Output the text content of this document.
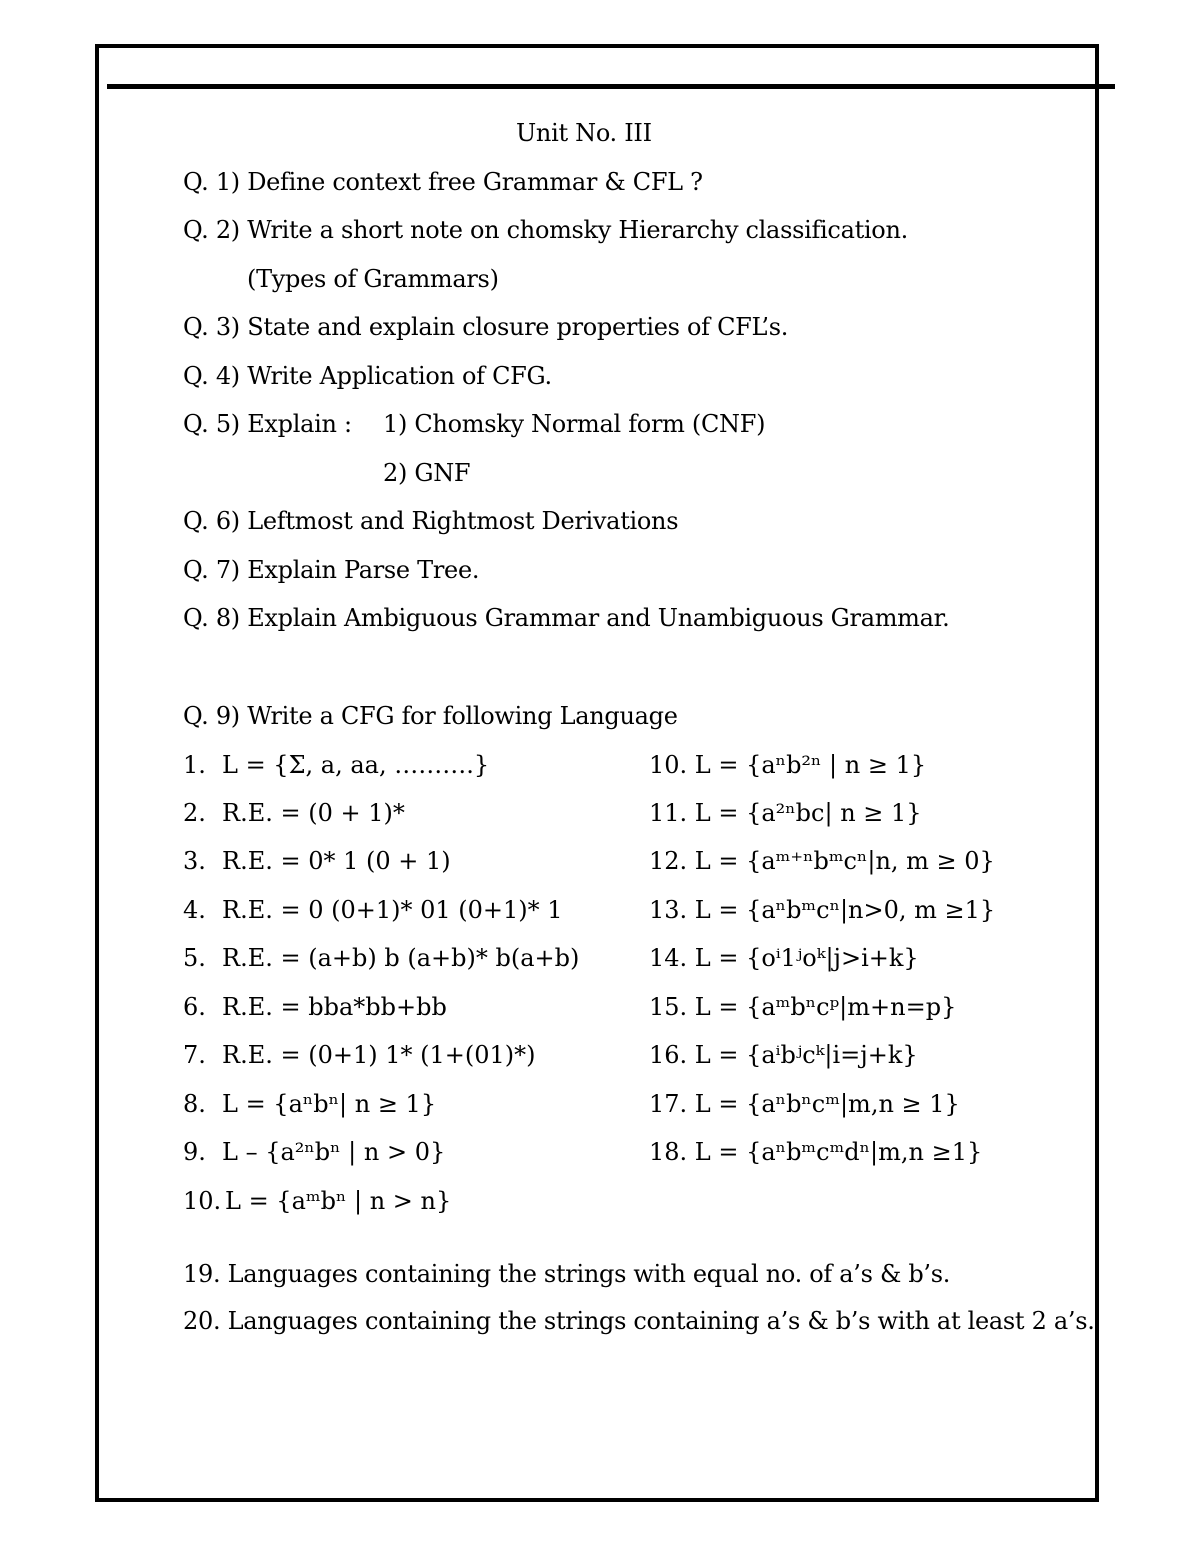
Unit No. III
Q. 1) Define context free Grammar & CFL ?
Q. 2) Write a short note on chomsky Hierarchy classification.
(Types of Grammars)
Q. 3) State and explain closure properties of CFL’s.
Q. 4) Write Application of CFG.
Q. 5) Explain : 1) Chomsky Normal form (CNF)
2) GNF
Q. 6) Leftmost and Rightmost Derivations
Q. 7) Explain Parse Tree.
Q. 8) Explain Ambiguous Grammar and Unambiguous Grammar.
Q. 9) Write a CFG for following Language
1. L = {Σ, a, aa, ……….}
2. R.E. = (0 + 1)*
3. R.E. = 0* 1 (0 + 1)
4. R.E. = 0 (0+1)* 01 (0+1)* 1
5. R.E. = (a+b) b (a+b)* b(a+b)
6. R.E. = bba*bb+bb
7. R.E. = (0+1) 1* (1+(01)*)
8. L = {aⁿbⁿ| n ≥ 1}
9. L – {a²ⁿbⁿ | n > 0}
10. L = {aᵐbⁿ | n > n}
10. L = {aⁿb²ⁿ | n ≥ 1}
11. L = {a²ⁿbc| n ≥ 1}
12. L = {aᵐ⁺ⁿbᵐcⁿ|n, m ≥ 0}
13. L = {aⁿbᵐcⁿ|n>0, m ≥1}
14. L = {oⁱ1ʲoᵏ|j>i+k}
15. L = {aᵐbⁿcᵖ|m+n=p}
16. L = {aⁱbʲcᵏ|i=j+k}
17. L = {aⁿbⁿcᵐ|m,n ≥ 1}
18. L = {aⁿbᵐcᵐdⁿ|m,n ≥1}
19. Languages containing the strings with equal no. of a’s & b’s.
20. Languages containing the strings containing a’s & b’s with at least 2 a’s.
